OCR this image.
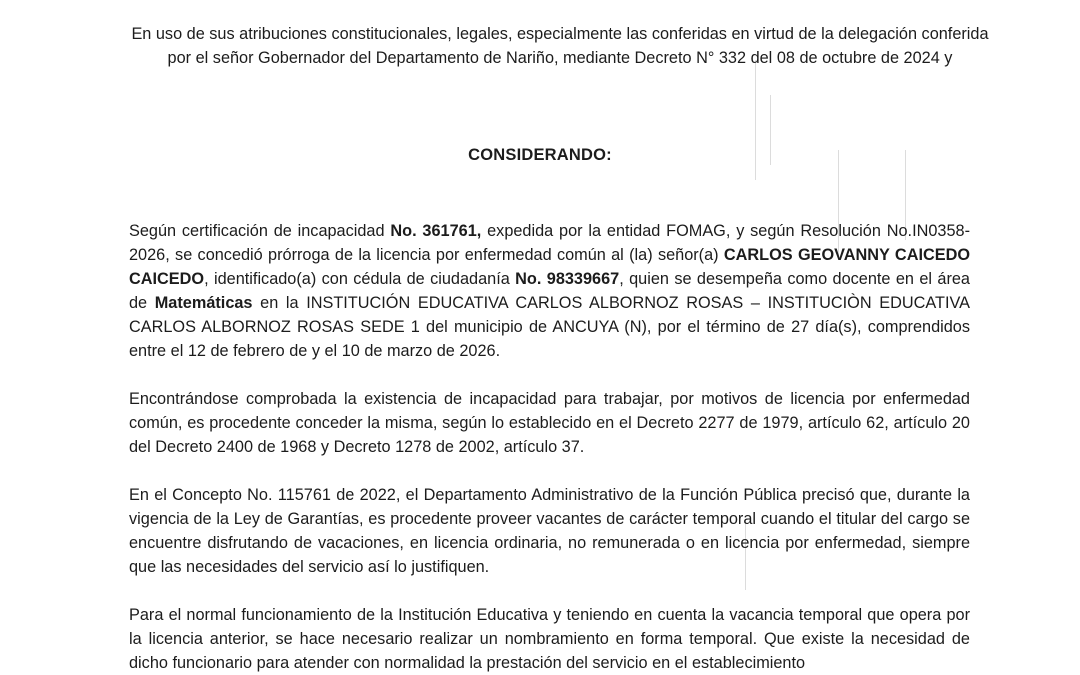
En uso de sus atribuciones constitucionales, legales, especialmente las conferidas en virtud de la delegación conferida por el señor Gobernador del Departamento de Nariño, mediante Decreto N° 332 del 08 de octubre de 2024 y

CONSIDERANDO:

Según certificación de incapacidad No. 361761, expedida por la entidad FOMAG, y según Resolución No.IN0358-2026, se concedió prórroga de la licencia por enfermedad común al (la) señor(a) CARLOS GEOVANNY CAICEDO CAICEDO, identificado(a) con cédula de ciudadanía No. 98339667, quien se desempeña como docente en el área de Matemáticas en la INSTITUCIÓN EDUCATIVA CARLOS ALBORNOZ ROSAS – INSTITUCIÒN EDUCATIVA CARLOS ALBORNOZ ROSAS SEDE 1 del municipio de ANCUYA (N), por el término de 27 día(s), comprendidos entre el 12 de febrero de y el 10 de marzo de 2026.

Encontrándose comprobada la existencia de incapacidad para trabajar, por motivos de licencia por enfermedad común, es procedente conceder la misma, según lo establecido en el Decreto 2277 de 1979, artículo 62, artículo 20 del Decreto 2400 de 1968 y Decreto 1278 de 2002, artículo 37.

En el Concepto No. 115761 de 2022, el Departamento Administrativo de la Función Pública precisó que, durante la vigencia de la Ley de Garantías, es procedente proveer vacantes de carácter temporal cuando el titular del cargo se encuentre disfrutando de vacaciones, en licencia ordinaria, no remunerada o en licencia por enfermedad, siempre que las necesidades del servicio así lo justifiquen.

Para el normal funcionamiento de la Institución Educativa y teniendo en cuenta la vacancia temporal que opera por la licencia anterior, se hace necesario realizar un nombramiento en forma temporal. Que existe la necesidad de dicho funcionario para atender con normalidad la prestación del servicio en el establecimiento
